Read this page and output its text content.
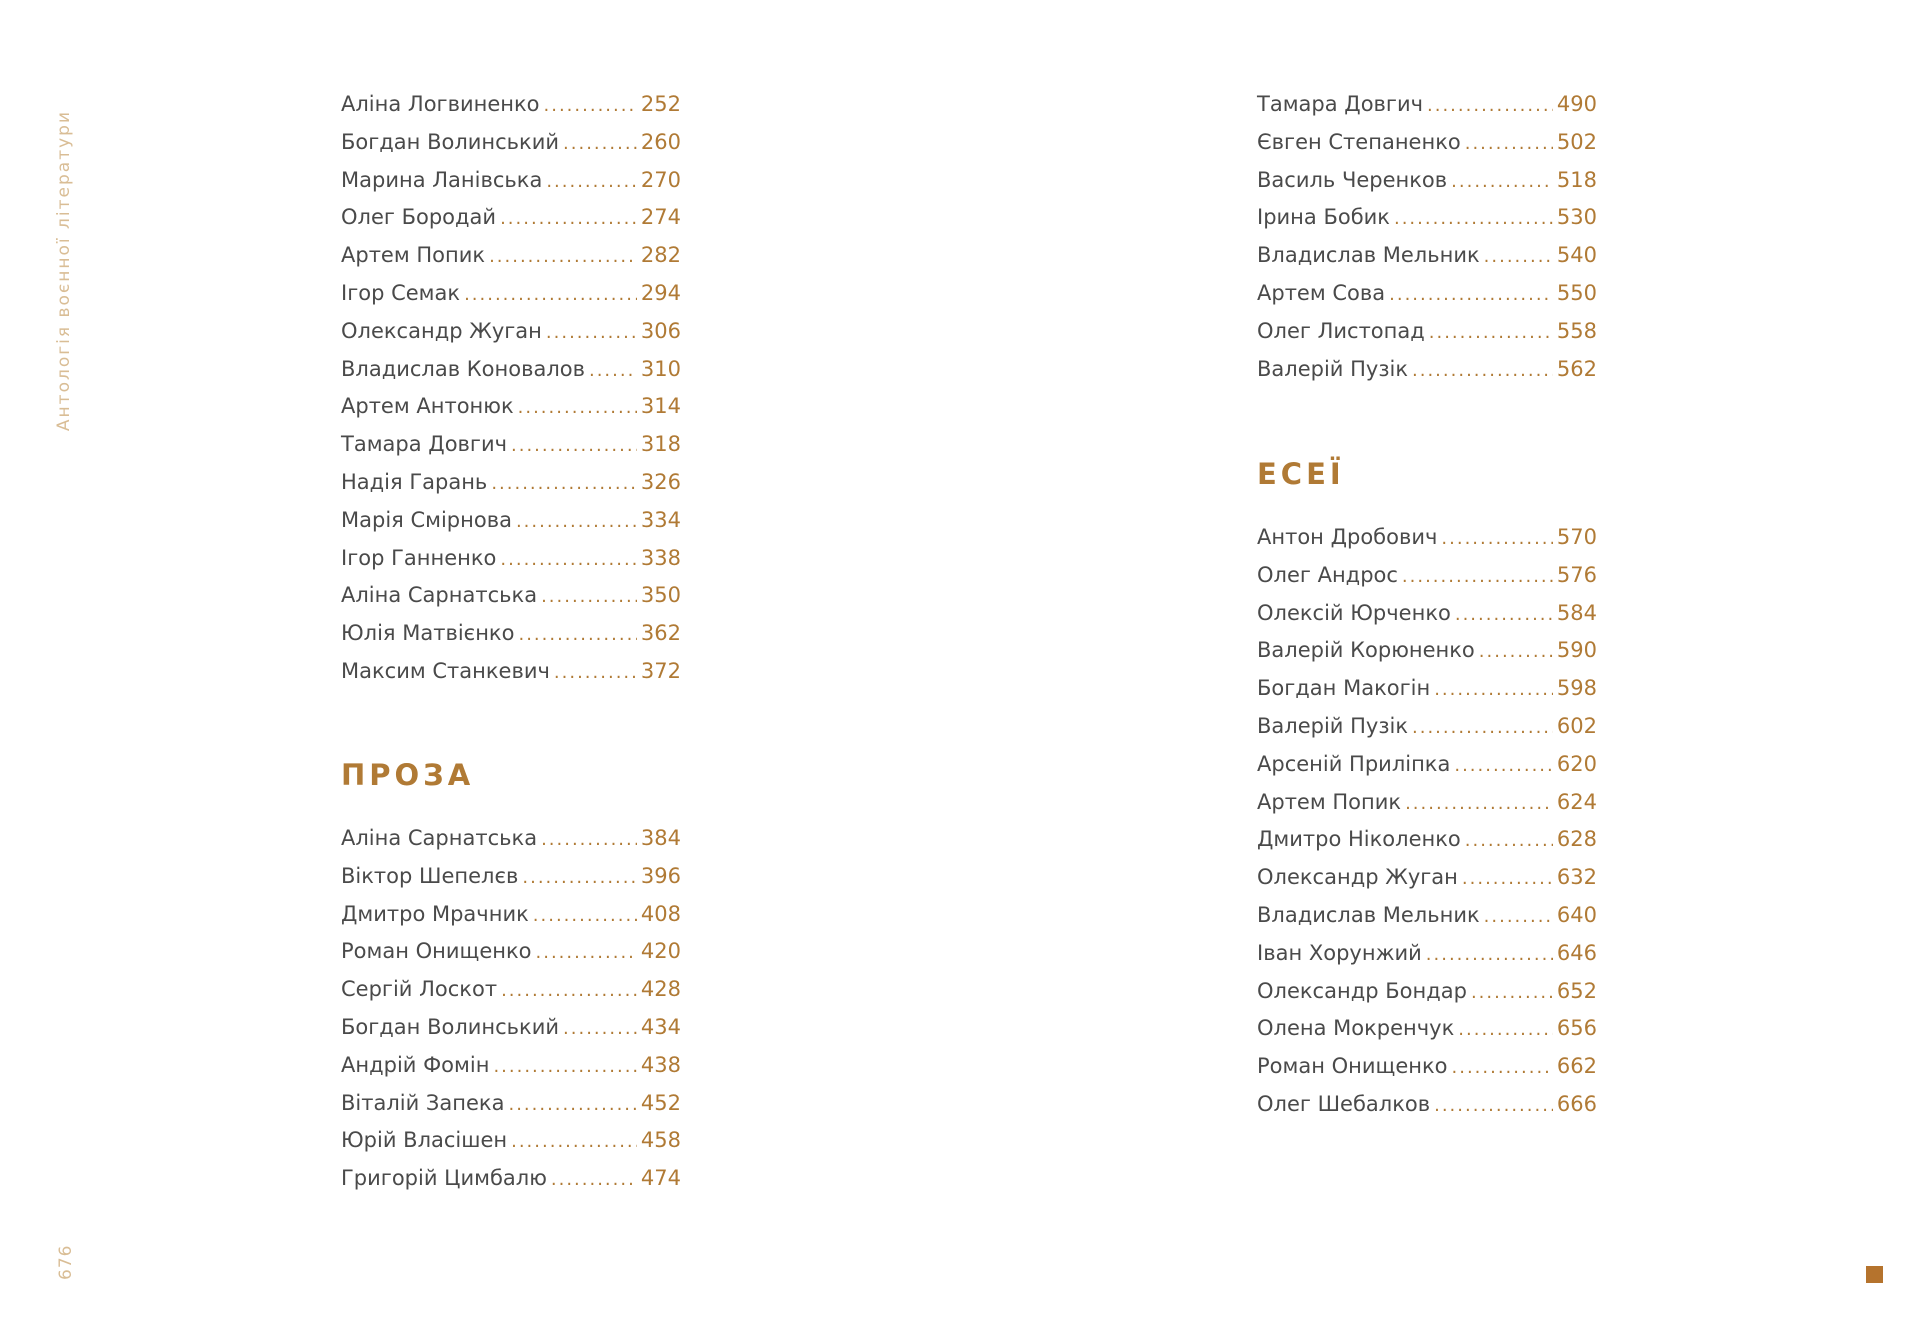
Антологія воєнної літератури
676
Аліна Логвиненко .....	252
Богдан Волинський .....	260
Марина Ланівська .....	270
Олег Бородай .....	274
Артем Попик .....	282
Ігор Семак .....	294
Олександр Жуган .....	306
Владислав Коновалов .....	310
Артем Антонюк .....	314
Тамара Довгич .....	318
Надія Гарань .....	326
Марія Смірнова .....	334
Ігор Ганненко .....	338
Аліна Сарнатська .....	350
Юлія Матвієнко .....	362
Максим Станкевич .....	372
ПРОЗА
Аліна Сарнатська .....	384
Віктор Шепелєв .....	396
Дмитро Мрачник .....	408
Роман Онищенко .....	420
Сергій Лоскот .....	428
Богдан Волинський .....	434
Андрій Фомін .....	438
Віталій Запека .....	452
Юрій Власішен .....	458
Григорій Цимбалю .....	474
Тамара Довгич .....	490
Євген Степаненко .....	502
Василь Черенков .....	518
Ірина Бобик .....	530
Владислав Мельник .....	540
Артем Сова .....	550
Олег Листопад .....	558
Валерій Пузік .....	562
ЕСЕЇ
Антон Дробович .....	570
Олег Андрос .....	576
Олексій Юрченко .....	584
Валерій Корюненко .....	590
Богдан Макогін .....	598
Валерій Пузік .....	602
Арсеній Приліпка .....	620
Артем Попик .....	624
Дмитро Ніколенко .....	628
Олександр Жуган .....	632
Владислав Мельник .....	640
Іван Хорунжий .....	646
Олександр Бондар .....	652
Олена Мокренчук .....	656
Роман Онищенко .....	662
Олег Шебалков .....	666
